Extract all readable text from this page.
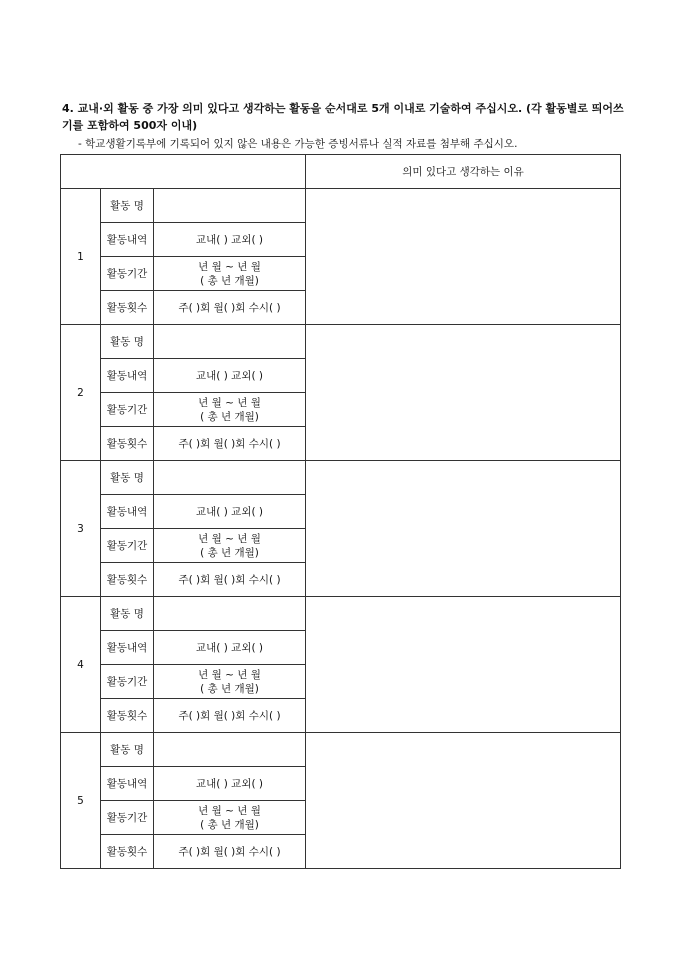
4. 교내·외 활동 중 가장 의미 있다고 생각하는 활동을 순서대로 5개 이내로 기술하여 주십시오. (각 활동별로 띄어쓰기를 포함하여 500자 이내)

- 학교생활기록부에 기록되어 있지 않은 내용은 가능한 증빙서류나 실적 자료를 첨부해 주십시오.

			의미 있다고 생각하는 이유
1	활동 명		
	활동내역	교내( ) 교외( )	
	활동기간	년 월 ~ 년 월
( 총 년 개월)	

	활동횟수	주( )회 월( )회 수시( )	
2	활동 명		
	활동내역	교내( ) 교외( )	
	활동기간	년 월 ~ 년 월
( 총 년 개월)	

	활동횟수	주( )회 월( )회 수시( )	
3	활동 명		
	활동내역	교내( ) 교외( )	
	활동기간	년 월 ~ 년 월
( 총 년 개월)	

	활동횟수	주( )회 월( )회 수시( )	
4	활동 명		
	활동내역	교내( ) 교외( )	
	활동기간	년 월 ~ 년 월
( 총 년 개월)	

	활동횟수	주( )회 월( )회 수시( )	
5	활동 명		
	활동내역	교내( ) 교외( )	
	활동기간	년 월 ~ 년 월
( 총 년 개월)	

	활동횟수	주( )회 월( )회 수시( )	
